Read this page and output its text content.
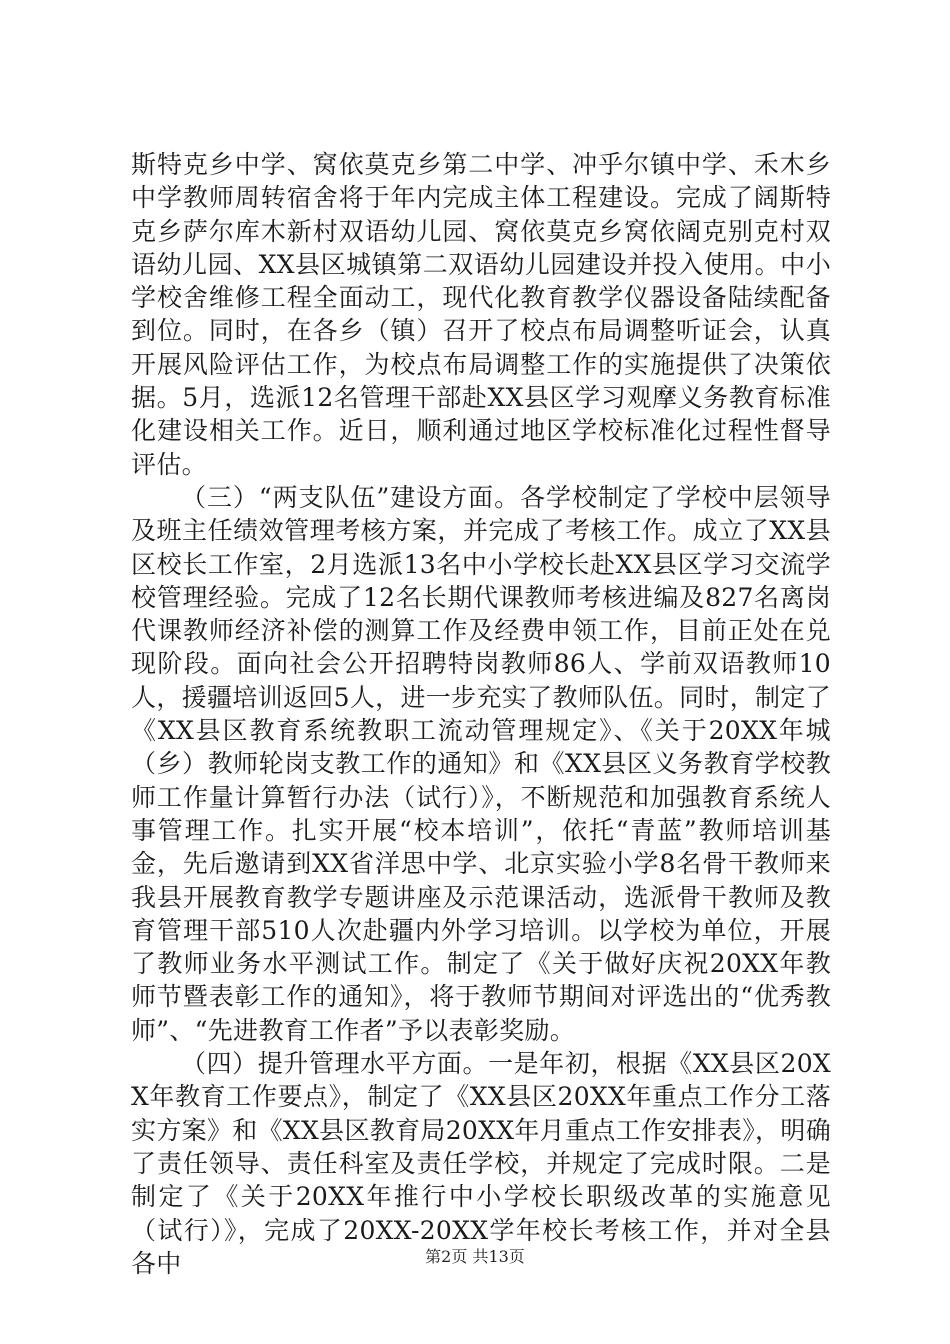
斯特克乡中学、窝依莫克乡第二中学、冲乎尔镇中学、禾木乡中学教师周转宿舍将于年内完成主体工程建设。完成了阔斯特克乡萨尔库木新村双语幼儿园、窝依莫克乡窝依阔克别克村双语幼儿园、XX县区城镇第二双语幼儿园建设并投入使用。中小学校舍维修工程全面动工，现代化教育教学仪器设备陆续配备到位。同时，在各乡（镇）召开了校点布局调整听证会，认真开展风险评估工作，为校点布局调整工作的实施提供了决策依据。5月，选派12名管理干部赴XX县区学习观摩义务教育标准化建设相关工作。近日，顺利通过地区学校标准化过程性督导评估。

（三）“两支队伍”建设方面。各学校制定了学校中层领导及班主任绩效管理考核方案，并完成了考核工作。成立了XX县区校长工作室，2月选派13名中小学校长赴XX县区学习交流学校管理经验。完成了12名长期代课教师考核进编及827名离岗代课教师经济补偿的测算工作及经费申领工作，目前正处在兑现阶段。面向社会公开招聘特岗教师86人、学前双语教师10人，援疆培训返回5人，进一步充实了教师队伍。同时，制定了《XX县区教育系统教职工流动管理规定》、《关于20XX年城（乡）教师轮岗支教工作的通知》和《XX县区义务教育学校教师工作量计算暂行办法（试行）》，不断规范和加强教育系统人事管理工作。扎实开展“校本培训”，依托“青蓝”教师培训基金，先后邀请到XX省洋思中学、北京实验小学8名骨干教师来我县开展教育教学专题讲座及示范课活动，选派骨干教师及教育管理干部510人次赴疆内外学习培训。以学校为单位，开展了教师业务水平测试工作。制定了《关于做好庆祝20XX年教师节暨表彰工作的通知》，将于教师节期间对评选出的“优秀教师”、“先进教育工作者”予以表彰奖励。

（四）提升管理水平方面。一是年初，根据《XX县区20XX年教育工作要点》，制定了《XX县区20XX年重点工作分工落实方案》和《XX县区教育局20XX年月重点工作安排表》，明确了责任领导、责任科室及责任学校，并规定了完成时限。二是制定了《关于20XX年推行中小学校长职级改革的实施意见（试行）》，完成了20XX-20XX学年校长考核工作，并对全县各中	第2页 共13页
